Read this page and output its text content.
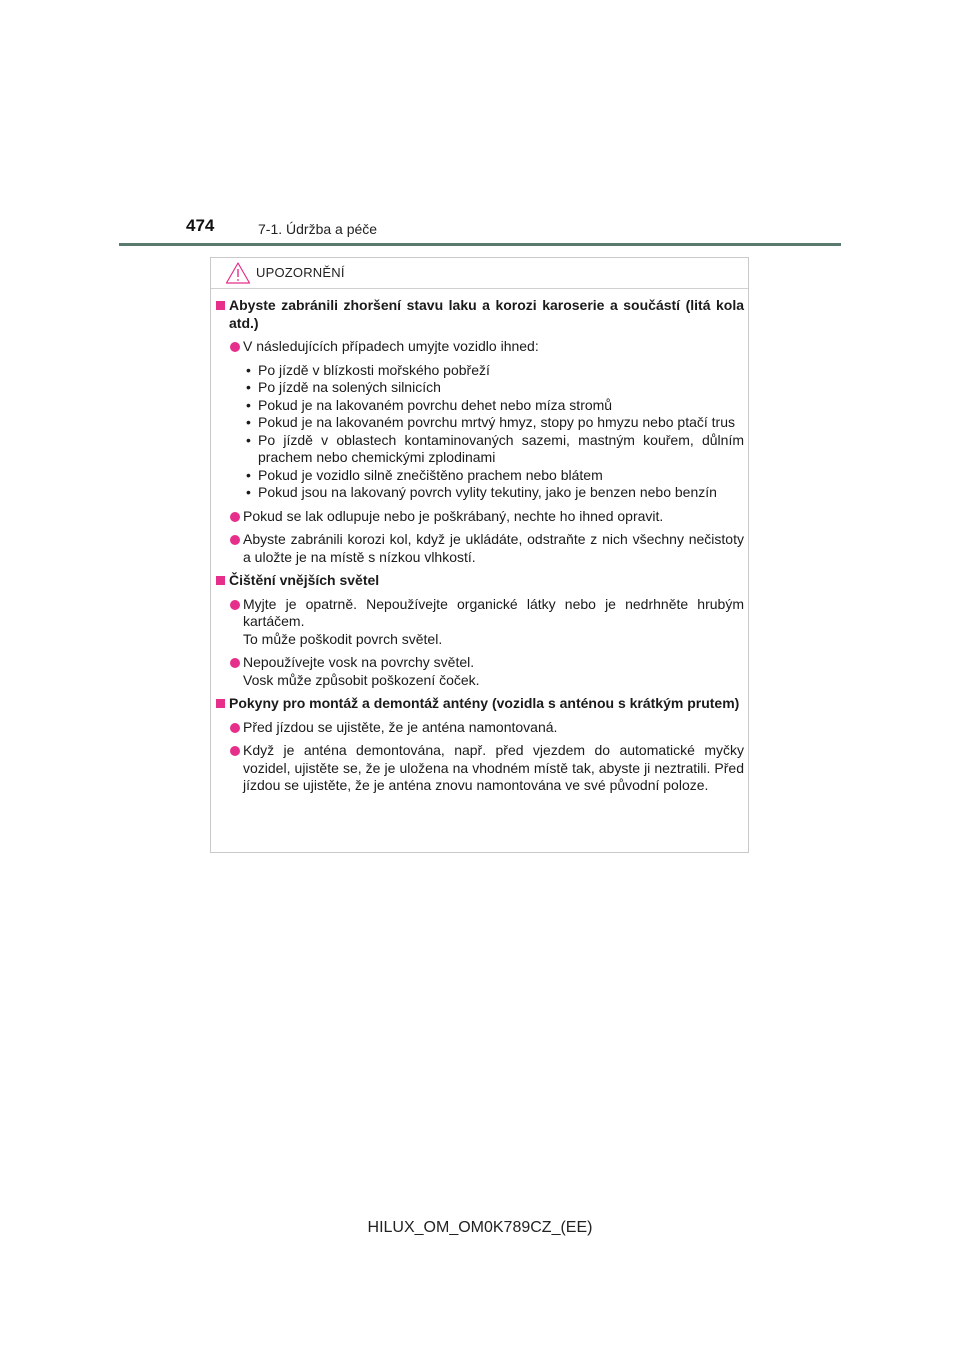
474	7-1. Údržba a péče
UPOZORNĚNÍ
Abyste zabránili zhoršení stavu laku a korozi karoserie a součástí (litá kola atd.)

V následujících případech umyjte vozidlo ihned:

• Po jízdě v blízkosti mořského pobřeží
• Po jízdě na solených silnicích
• Pokud je na lakovaném povrchu dehet nebo míza stromů
• Pokud je na lakovaném povrchu mrtvý hmyz, stopy po hmyzu nebo ptačí trus
• Po jízdě v oblastech kontaminovaných sazemi, mastným kouřem, důlním prachem nebo chemickými zplodinami
• Pokud je vozidlo silně znečištěno prachem nebo blátem
• Pokud jsou na lakovaný povrch vylity tekutiny, jako je benzen nebo benzín

Pokud se lak odlupuje nebo je poškrábaný, nechte ho ihned opravit.

Abyste zabránili korozi kol, když je ukládáte, odstraňte z nich všechny nečistoty a uložte je na místě s nízkou vlhkostí.

Čištění vnějších světel

Myjte je opatrně. Nepoužívejte organické látky nebo je nedrhněte hrubým kartáčem.

To může poškodit povrch světel.

Nepoužívejte vosk na povrchy světel.

Vosk může způsobit poškození čoček.

Pokyny pro montáž a demontáž antény (vozidla s anténou s krátkým prutem)

Před jízdou se ujistěte, že je anténa namontovaná.

Když je anténa demontována, např. před vjezdem do automatické myčky vozidel, ujistěte se, že je uložena na vhodném místě tak, abyste ji neztratili. Před jízdou se ujistěte, že je anténa znovu namontována ve své původní poloze.

HILUX_OM_OM0K789CZ_(EE)
